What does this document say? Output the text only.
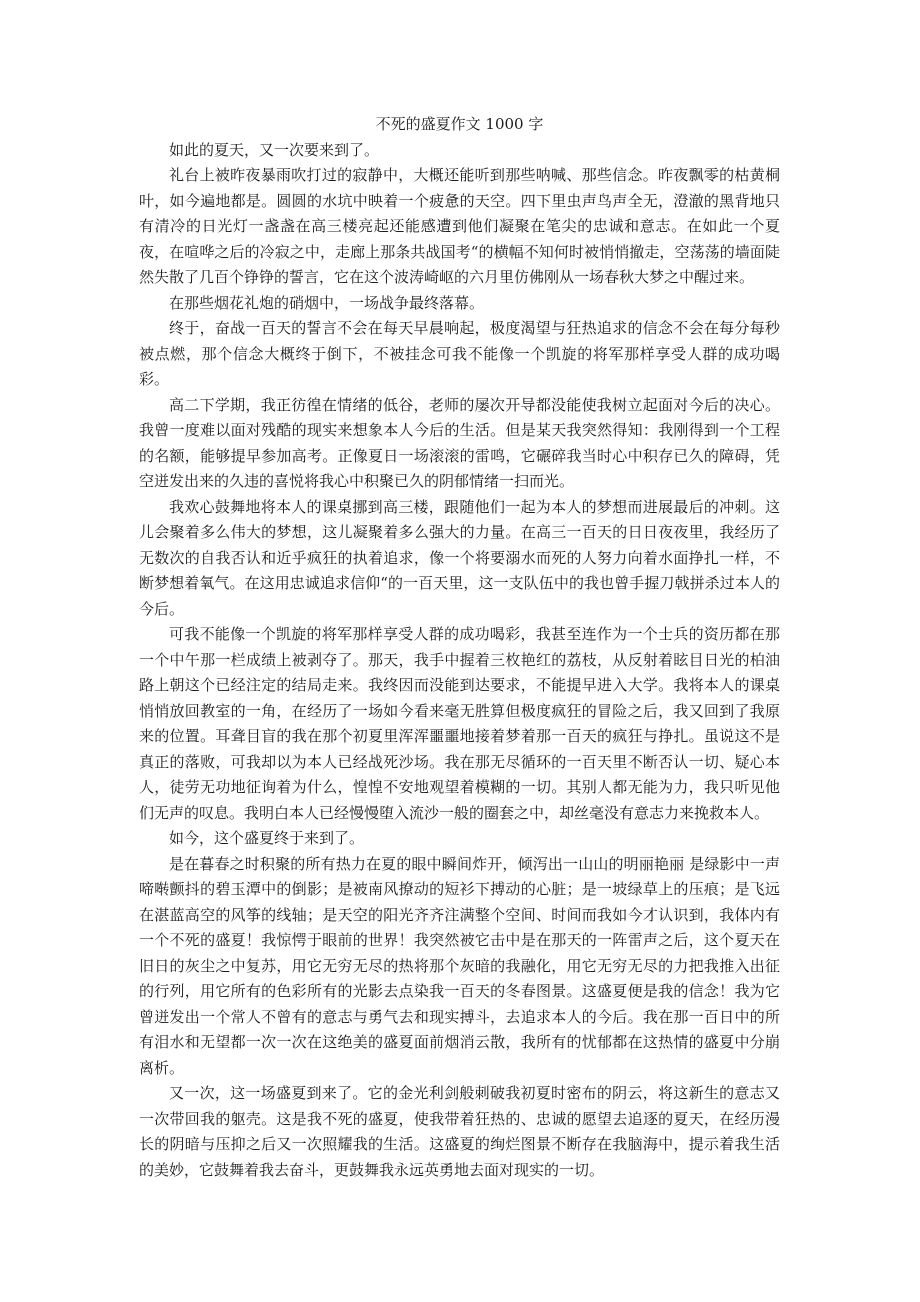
不死的盛夏作文 1000 字

如此的夏天，又一次要来到了。

礼台上被昨夜暴雨吹打过的寂静中，大概还能听到那些呐喊、那些信念。昨夜飘零的枯黄桐叶，如今遍地都是。圆圆的水坑中映着一个疲惫的天空。四下里虫声鸟声全无，澄澈的黑背地只有清冷的日光灯一盏盏在高三楼亮起还能感遭到他们凝聚在笔尖的忠诚和意志。在如此一个夏夜，在喧哗之后的冷寂之中，走廊上那条共战国考“的横幅不知何时被悄悄撤走，空荡荡的墙面陡然失散了几百个铮铮的誓言，它在这个波涛崎岖的六月里仿佛刚从一场春秋大梦之中醒过来。

在那些烟花礼炮的硝烟中，一场战争最终落幕。

终于，奋战一百天的誓言不会在每天早晨响起，极度渴望与狂热追求的信念不会在每分每秒被点燃，那个信念大概终于倒下，不被挂念可我不能像一个凯旋的将军那样享受人群的成功喝彩。

高二下学期，我正彷徨在情绪的低谷，老师的屡次开导都没能使我树立起面对今后的决心。我曾一度难以面对残酷的现实来想象本人今后的生活。但是某天我突然得知：我刚得到一个工程的名额，能够提早参加高考。正像夏日一场滚滚的雷鸣，它碾碎我当时心中积存已久的障碍，凭空迸发出来的久违的喜悦将我心中积聚已久的阴郁情绪一扫而光。

我欢心鼓舞地将本人的课桌挪到高三楼，跟随他们一起为本人的梦想而进展最后的冲刺。这儿会聚着多么伟大的梦想，这儿凝聚着多么强大的力量。在高三一百天的日日夜夜里，我经历了无数次的自我否认和近乎疯狂的执着追求，像一个将要溺水而死的人努力向着水面挣扎一样，不断梦想着氧气。在这用忠诚追求信仰“的一百天里，这一支队伍中的我也曾手握刀戟拼杀过本人的今后。

可我不能像一个凯旋的将军那样享受人群的成功喝彩，我甚至连作为一个士兵的资历都在那一个中午那一栏成绩上被剥夺了。那天，我手中握着三枚艳红的荔枝，从反射着眩目日光的柏油路上朝这个已经注定的结局走来。我终因而没能到达要求，不能提早进入大学。我将本人的课桌悄悄放回教室的一角，在经历了一场如今看来毫无胜算但极度疯狂的冒险之后，我又回到了我原来的位置。耳聋目盲的我在那个初夏里浑浑噩噩地接着梦着那一百天的疯狂与挣扎。虽说这不是真正的落败，可我却以为本人已经战死沙场。我在那无尽循环的一百天里不断否认一切、疑心本人，徒劳无功地征询着为什么，惶惶不安地观望着模糊的一切。其别人都无能为力，我只听见他们无声的叹息。我明白本人已经慢慢堕入流沙一般的圈套之中，却丝毫没有意志力来挽救本人。

如今，这个盛夏终于来到了。

是在暮春之时积聚的所有热力在夏的眼中瞬间炸开，倾泻出一山山的明丽艳丽 是绿影中一声啼啭颤抖的碧玉潭中的倒影；是被南风撩动的短衫下搏动的心脏；是一坡绿草上的压痕；是飞远在湛蓝高空的风筝的线轴；是天空的阳光齐齐注满整个空间、时间而我如今才认识到，我体内有一个不死的盛夏！我惊愕于眼前的世界！我突然被它击中是在那天的一阵雷声之后，这个夏天在旧日的灰尘之中复苏，用它无穷无尽的热将那个灰暗的我融化，用它无穷无尽的力把我推入出征的行列，用它所有的色彩所有的光影去点染我一百天的冬春图景。这盛夏便是我的信念！我为它曾迸发出一个常人不曾有的意志与勇气去和现实搏斗，去追求本人的今后。我在那一百日中的所有泪水和无望都一次一次在这绝美的盛夏面前烟消云散，我所有的忧郁都在这热情的盛夏中分崩离析。

又一次，这一场盛夏到来了。它的金光利剑般刺破我初夏时密布的阴云，将这新生的意志又一次带回我的躯壳。这是我不死的盛夏，使我带着狂热的、忠诚的愿望去追逐的夏天，在经历漫长的阴暗与压抑之后又一次照耀我的生活。这盛夏的绚烂图景不断存在我脑海中，提示着我生活的美妙，它鼓舞着我去奋斗，更鼓舞我永远英勇地去面对现实的一切。
